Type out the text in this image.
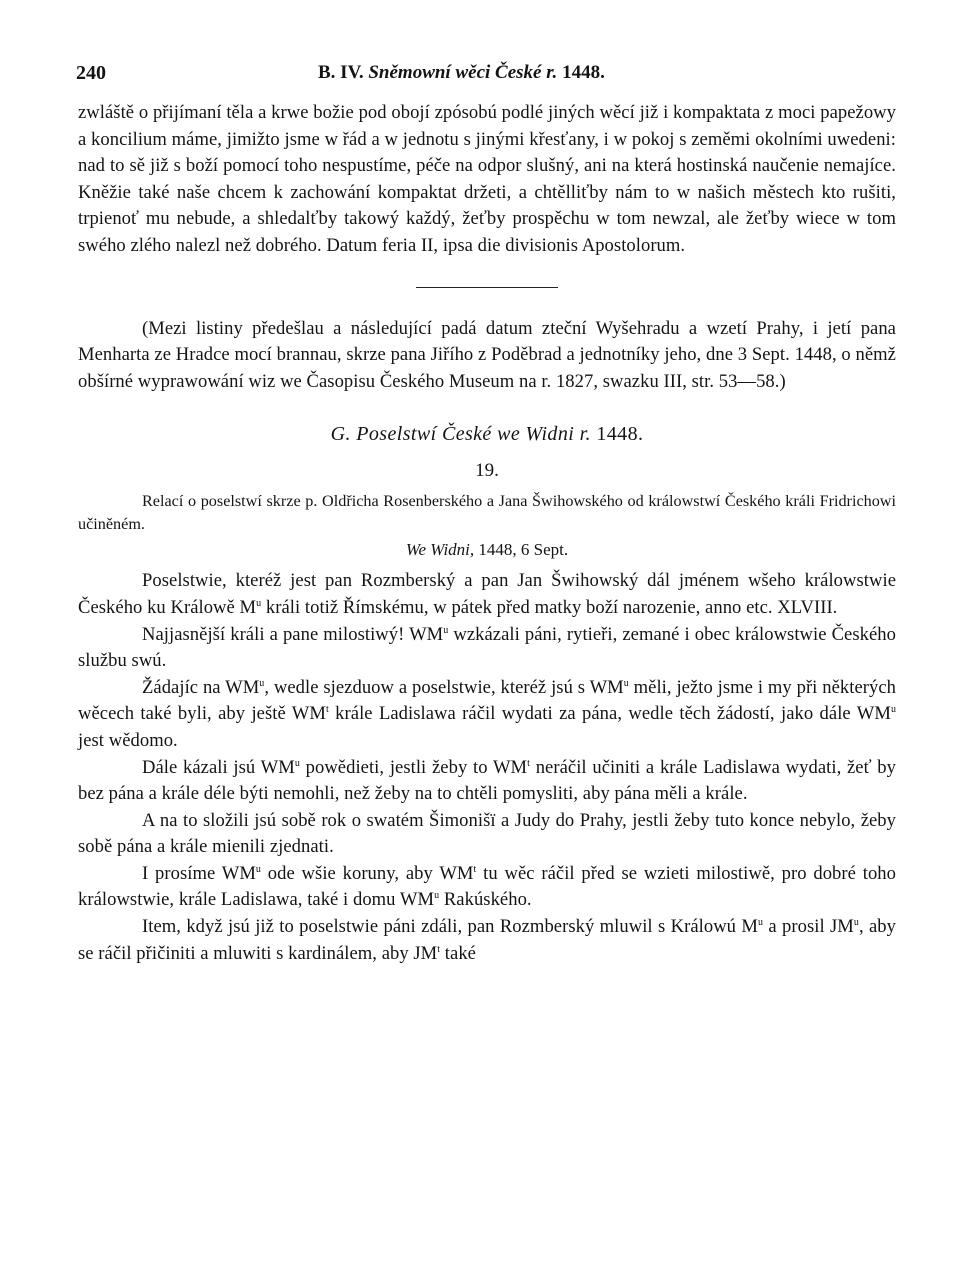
240	B. IV. Sněmowní wěci České r. 1448.

zwláště o přijímaní těla a krwe božie pod obojí zpósobú podlé jiných wěcí již i kompaktata z moci papežowy a koncilium máme, jimižto jsme w řád a w jednotu s jinými křesťany, i w pokoj s zeměmi okolními uwedeni: nad to sě již s boží pomocí toho nespustíme, péče na odpor slušný, ani na která hostinská naučenie nemajíce. Kněžie také naše chcem k zachowání kompaktat držeti, a chtělliťby nám to w našich městech kto rušiti, trpienoť mu nebude, a shledalťby takowý každý, žeťby prospěchu w tom newzal, ale žeťby wiece w tom swého zlého nalezl než dobrého. Datum feria II, ipsa die divisionis Apostolorum.

(Mezi listiny předešlau a následující padá datum zteční Wyšehradu a wzetí Prahy, i jetí pana Menharta ze Hradce mocí brannau, skrze pana Jiřího z Poděbrad a jednotníky jeho, dne 3 Sept. 1448, o němž obšírné wyprawowání wiz we Časopisu Českého Museum na r. 1827, swazku III, str. 53—58.)

G. Poselstwí České we Widni r. 1448.
19.

Relací o poselstwí skrze p. Oldřicha Rosenberského a Jana Šwihowského od králowstwí Českého králi Fridrichowi učiněném.

We Widni, 1448, 6 Sept.

Poselstwie, kteréž jest pan Rozmberský a pan Jan Šwihowský dál jménem wšeho králowstwie Českého ku Králowě $M^u$ králi totiž Římskému, w pátek před matky boží narozenie, anno etc. XLVIII.

Najjasnější králi a pane milostiwý! $WM^u$ wzkázali páni, rytieři, zemané i obec králowstwie Českého službu swú.

Žádajíc na $WM^u$, wedle sjezduow a poselstwie, kteréž jsú s $WM^u$ měli, ježto jsme i my při některých wěcech také byli, aby ještě $WM^t$ krále Ladislawa ráčil wydati za pána, wedle těch žádostí, jako dále $WM^u$ jest wědomo.

Dále kázali jsú $WM^u$ powědieti, jestli žeby to $WM^t$ neráčil učiniti a krále Ladislawa wydati, žeť by bez pána a krále déle býti nemohli, než žeby na to chtěli pomysliti, aby pána měli a krále.

A na to složili jsú sobě rok o swatém Šimonišï a Judy do Prahy, jestli žeby tuto konce nebylo, žeby sobě pána a krále mienili zjednati.

I prosíme $WM^u$ ode wšie koruny, aby $WM^t$ tu wěc ráčil před se wzieti milostiwě, pro dobré toho králowstwie, krále Ladislawa, také i domu $WM^u$ Rakúského.

Item, když jsú již to poselstwie páni zdáli, pan Rozmberský mluwil s Králowú $M^u$ a prosil $JM^u$, aby se ráčil přičiniti a mluwiti s kardinálem, aby $JM^t$ také
